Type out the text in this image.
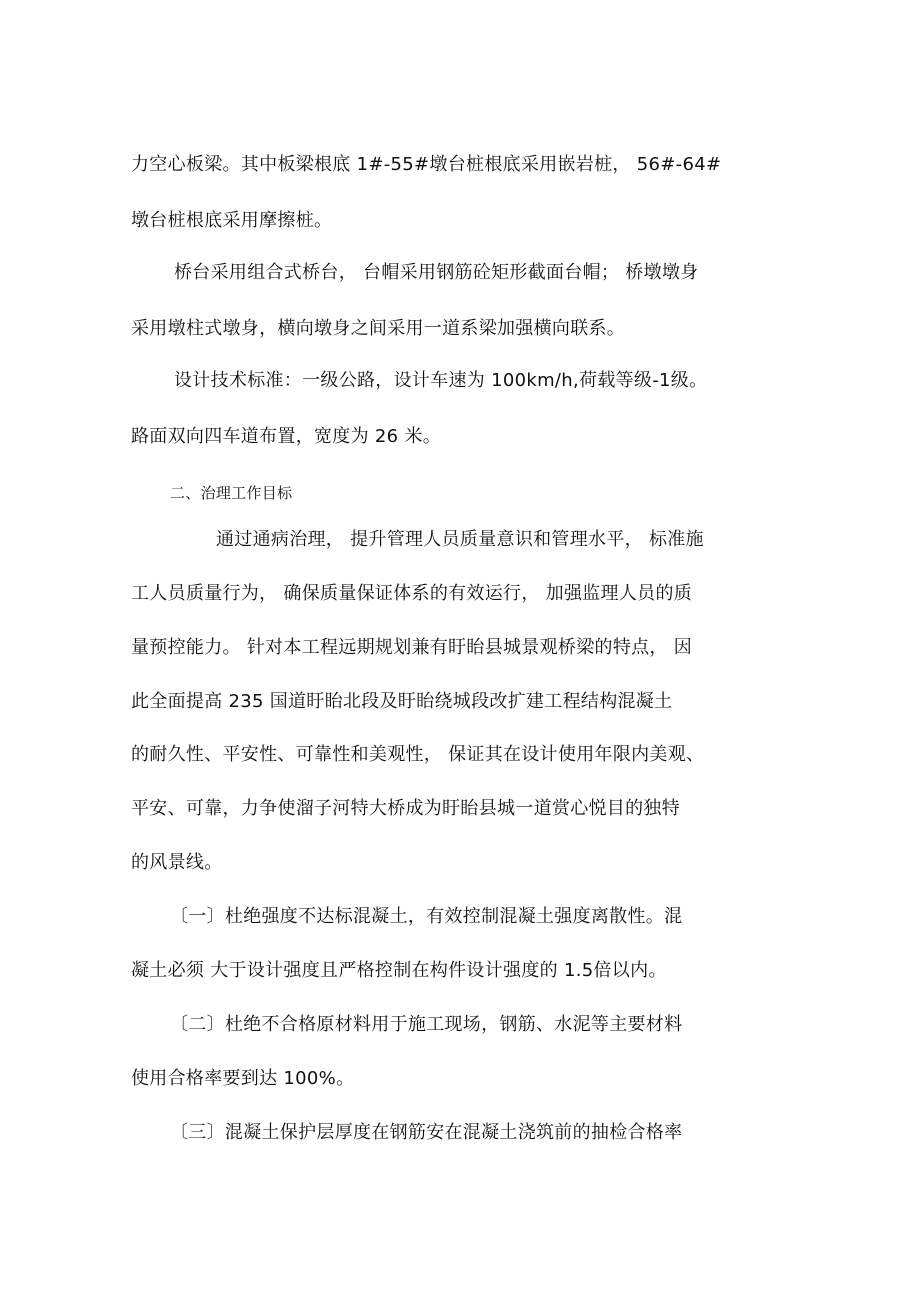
力空心板梁。其中板梁根底 1#-55#墩台桩根底采用嵌岩桩， 56#-64#
墩台桩根底采用摩擦桩。
桥台采用组合式桥台， 台帽采用钢筋砼矩形截面台帽； 桥墩墩身
采用墩柱式墩身，横向墩身之间采用一道系梁加强横向联系。
设计技术标准：一级公路，设计车速为 100km/h,荷载等级-1级。
路面双向四车道布置，宽度为 26 米。
二、治理工作目标
通过通病治理， 提升管理人员质量意识和管理水平， 标准施
工人员质量行为， 确保质量保证体系的有效运行， 加强监理人员的质
量预控能力。 针对本工程远期规划兼有盱眙县城景观桥梁的特点， 因
此全面提高 235 国道盱眙北段及盱眙绕城段改扩建工程结构混凝土
的耐久性、平安性、可靠性和美观性， 保证其在设计使用年限内美观、
平安、可靠，力争使溜子河特大桥成为盱眙县城一道赏心悦目的独特
的风景线。
〔一〕杜绝强度不达标混凝土，有效控制混凝土强度离散性。混
凝土必须 大于设计强度且严格控制在构件设计强度的 1.5倍以内。
〔二〕杜绝不合格原材料用于施工现场，钢筋、水泥等主要材料
使用合格率要到达 100%。
〔三〕混凝土保护层厚度在钢筋安在混凝土浇筑前的抽检合格率
